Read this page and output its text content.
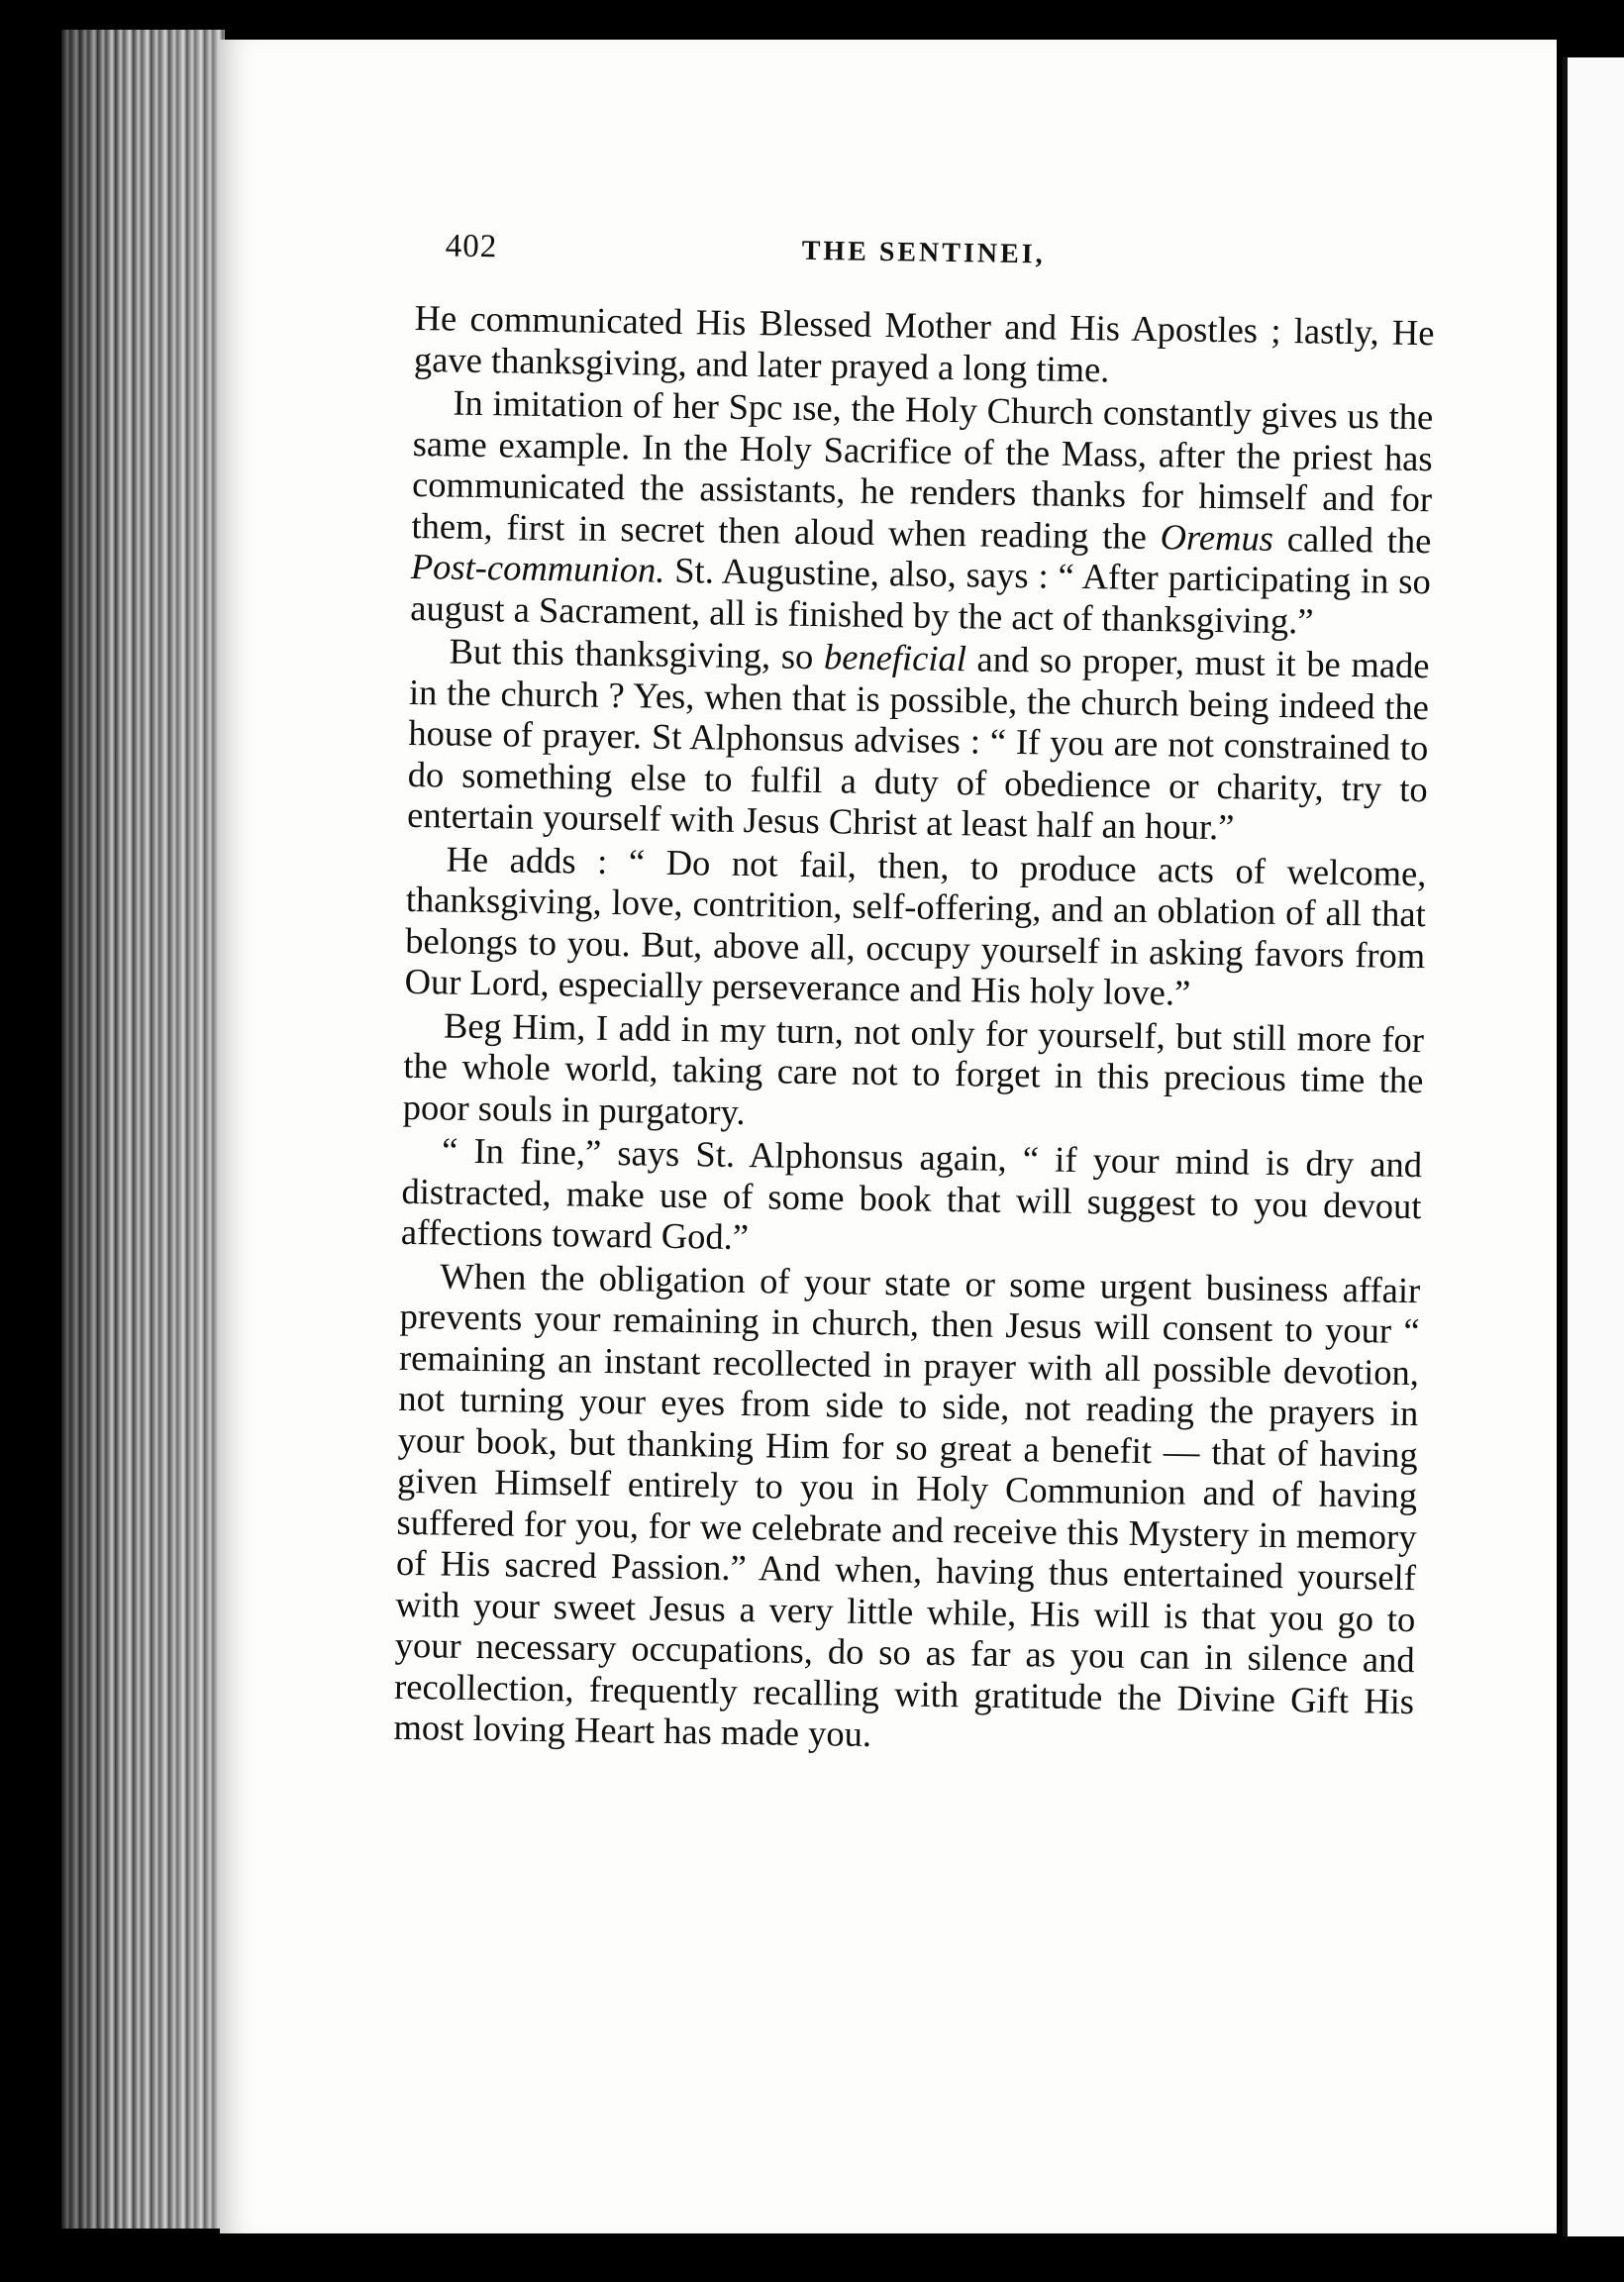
402	THE SENTINEI,

He communicated His Blessed Mother and His Apostles ; lastly, He gave thanksgiving, and later prayed a long time.

In imitation of her Spc ıse, the Holy Church constantly gives us the same example. In the Holy Sacrifice of the Mass, after the priest has communicated the assistants, he renders thanks for himself and for them, first in secret then aloud when reading the Oremus called the Post-communion. St. Augustine, also, says : “ After participating in so august a Sacrament, all is finished by the act of thanksgiving.”

But this thanksgiving, so beneficial and so proper, must it be made in the church ? Yes, when that is possible, the church being indeed the house of prayer. St Alphonsus advises : “ If you are not constrained to do something else to fulfil a duty of obedience or charity, try to entertain yourself with Jesus Christ at least half an hour.”

He adds : “ Do not fail, then, to produce acts of welcome, thanksgiving, love, contrition, self-offering, and an oblation of all that belongs to you. But, above all, occupy yourself in asking favors from Our Lord, especially perseverance and His holy love.”

Beg Him, I add in my turn, not only for yourself, but still more for the whole world, taking care not to forget in this precious time the poor souls in purgatory.

“ In fine,” says St. Alphonsus again, “ if your mind is dry and distracted, make use of some book that will suggest to you devout affections toward God.”

When the obligation of your state or some urgent business affair prevents your remaining in church, then Jesus will consent to your “ remaining an instant recollected in prayer with all possible devotion, not turning your eyes from side to side, not reading the prayers in your book, but thanking Him for so great a benefit — that of having given Himself entirely to you in Holy Communion and of having suffered for you, for we celebrate and receive this Mystery in memory of His sacred Passion.” And when, having thus entertained yourself with your sweet Jesus a very little while, His will is that you go to your necessary occupations, do so as far as you can in silence and recollection, frequently recalling with gratitude the Divine Gift His most loving Heart has made you.
